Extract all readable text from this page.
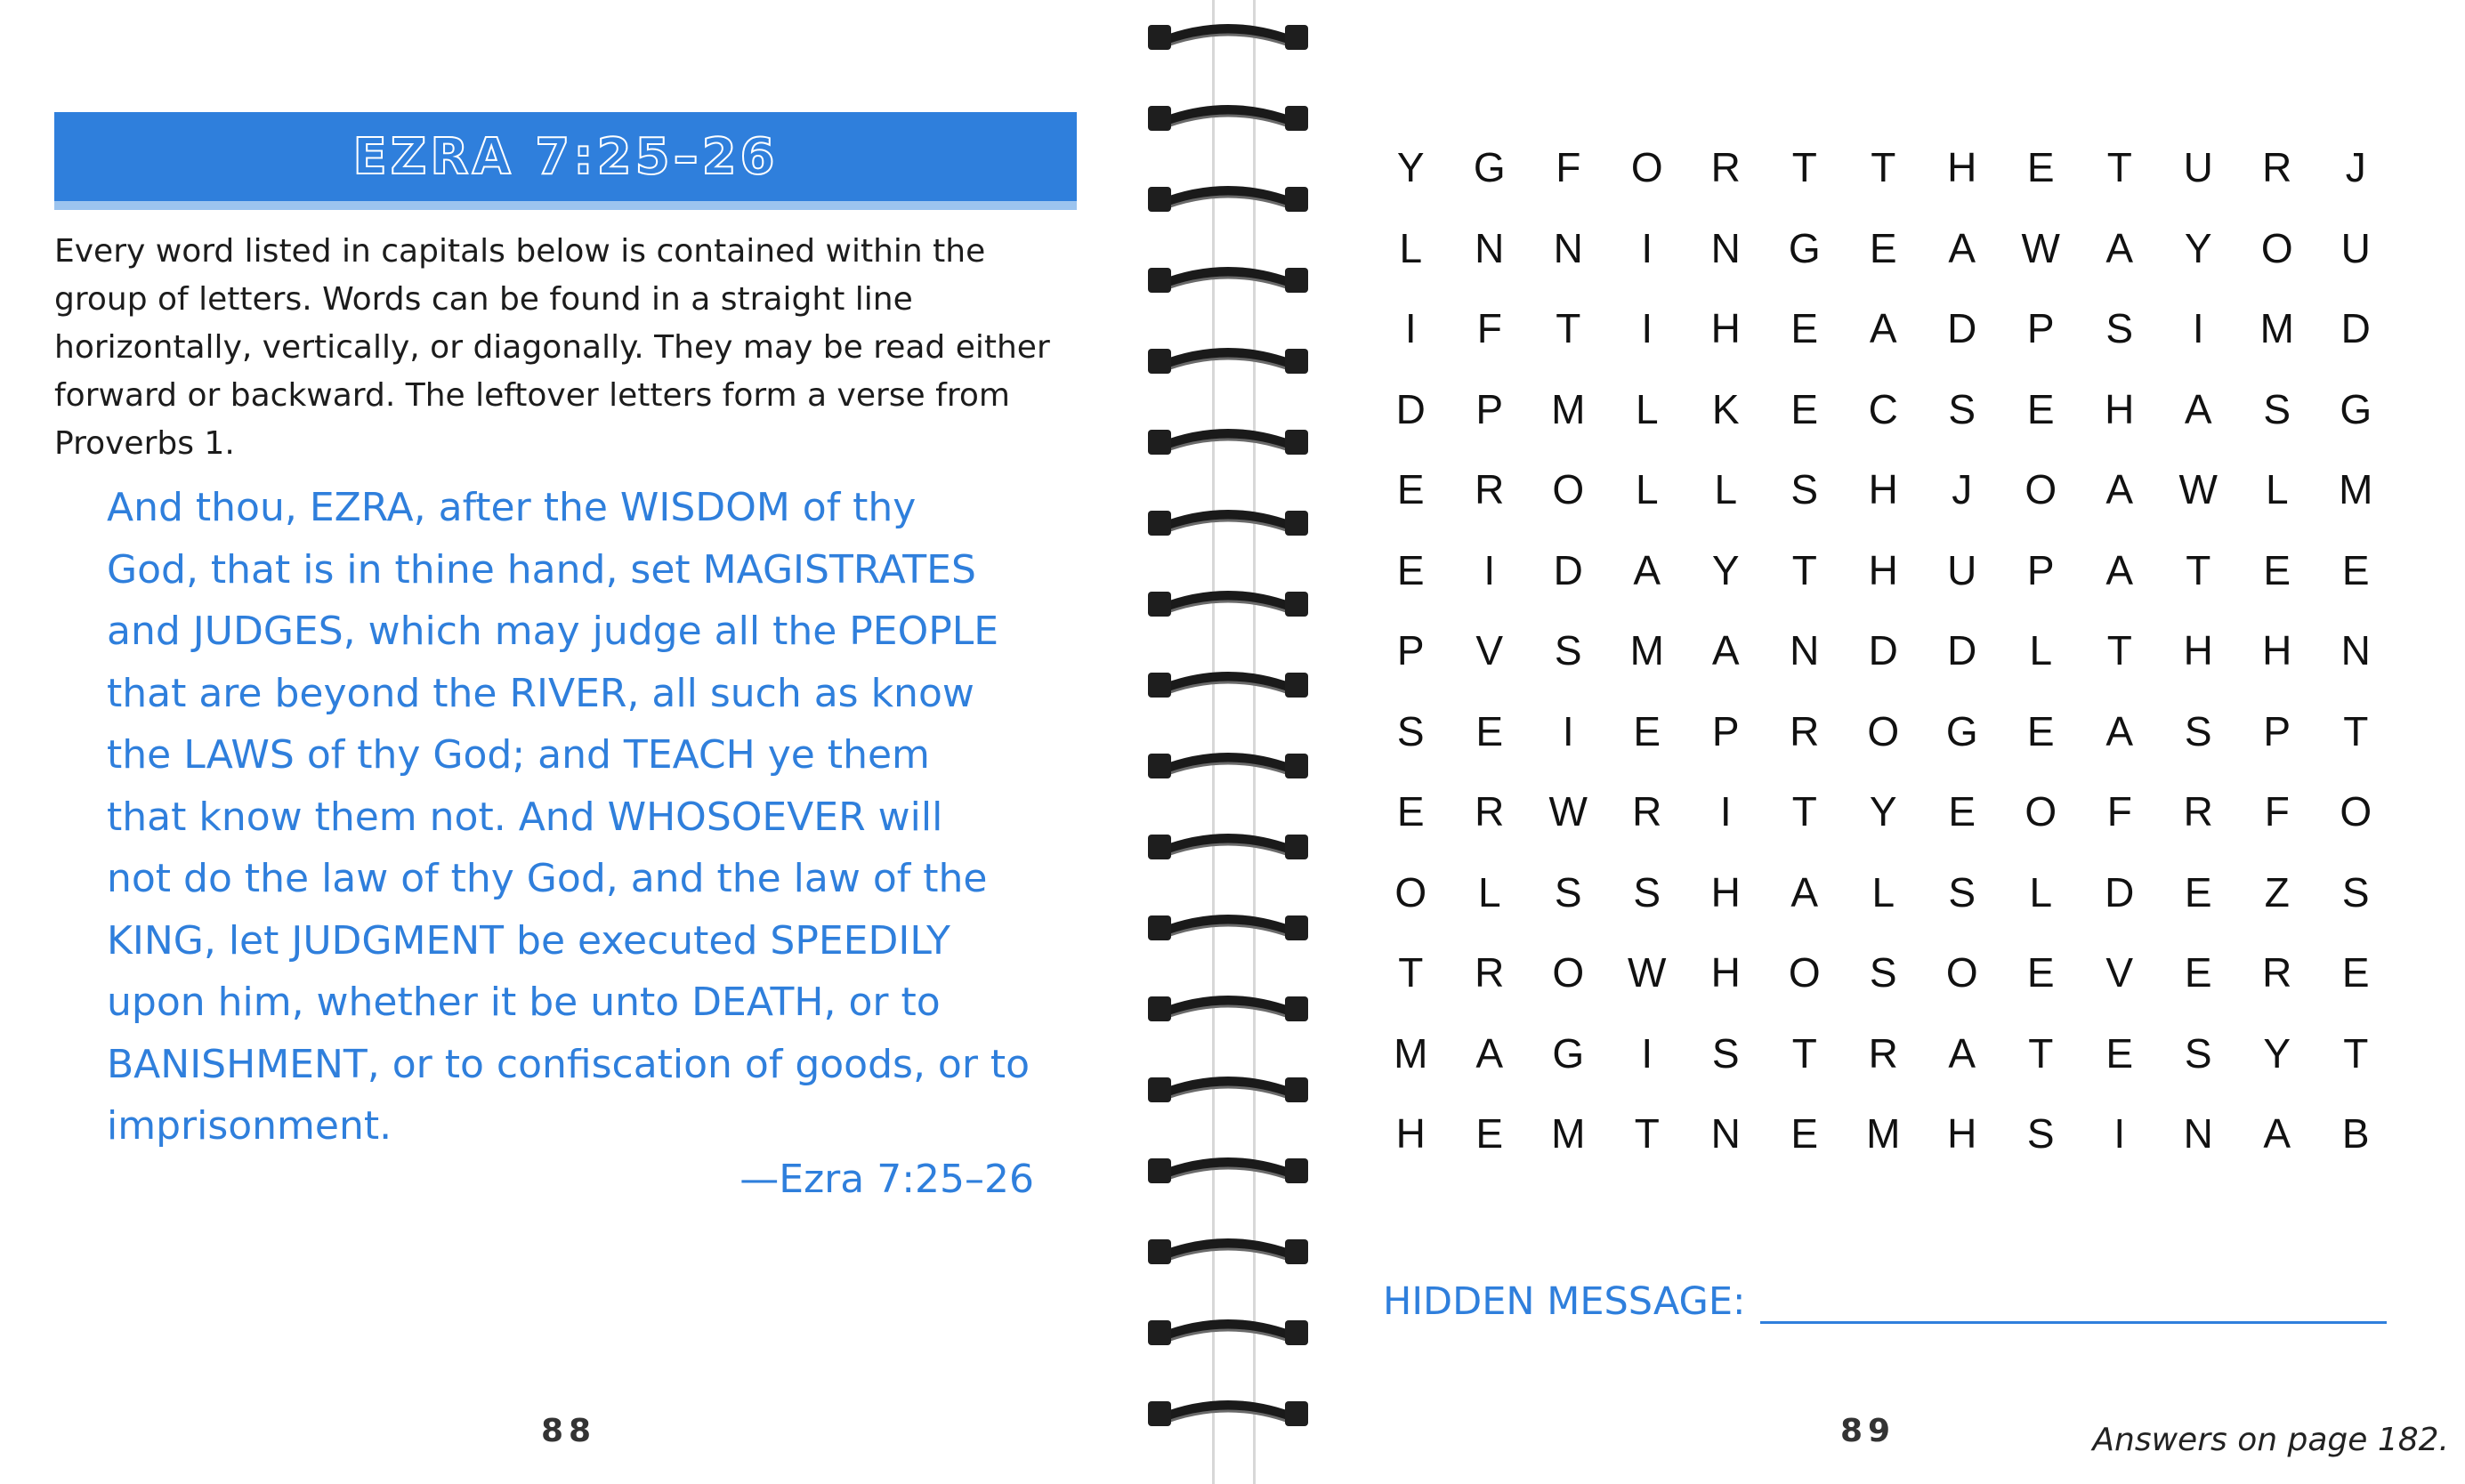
EZRA 7:25–26
Every word listed in capitals below is contained within the group of letters. Words can be found in a straight line horizontally, vertically, or diagonally. They may be read either forward or backward. The leftover letters form a verse from Proverbs 1.
And thou, EZRA, after the WISDOM of thy
God, that is in thine hand, set MAGISTRATES
and JUDGES, which may judge all the PEOPLE
that are beyond the RIVER, all such as know
the LAWS of thy God; and TEACH ye them
that know them not. And WHOSOEVER will
not do the law of thy God, and the law of the
KING, let JUDGMENT be executed SPEEDILY
upon him, whether it be unto DEATH, or to
BANISHMENT, or to confiscation of goods, or to
imprisonment.
—Ezra 7:25–26
88
Y	G	F	O	R	T	T	H	E	T	U	R	J
L	N	N	I	N	G	E	A	W	A	Y	O	U
I	F	T	I	H	E	A	D	P	S	I	M	D
D	P	M	L	K	E	C	S	E	H	A	S	G
E	R	O	L	L	S	H	J	O	A	W	L	M
E	I	D	A	Y	T	H	U	P	A	T	E	E
P	V	S	M	A	N	D	D	L	T	H	H	N
S	E	I	E	P	R	O	G	E	A	S	P	T
E	R	W	R	I	T	Y	E	O	F	R	F	O
O	L	S	S	H	A	L	S	L	D	E	Z	S
T	R	O	W	H	O	S	O	E	V	E	R	E
M	A	G	I	S	T	R	A	T	E	S	Y	T
H	E	M	T	N	E	M	H	S	I	N	A	B
HIDDEN MESSAGE:
89	Answers on page 182.
